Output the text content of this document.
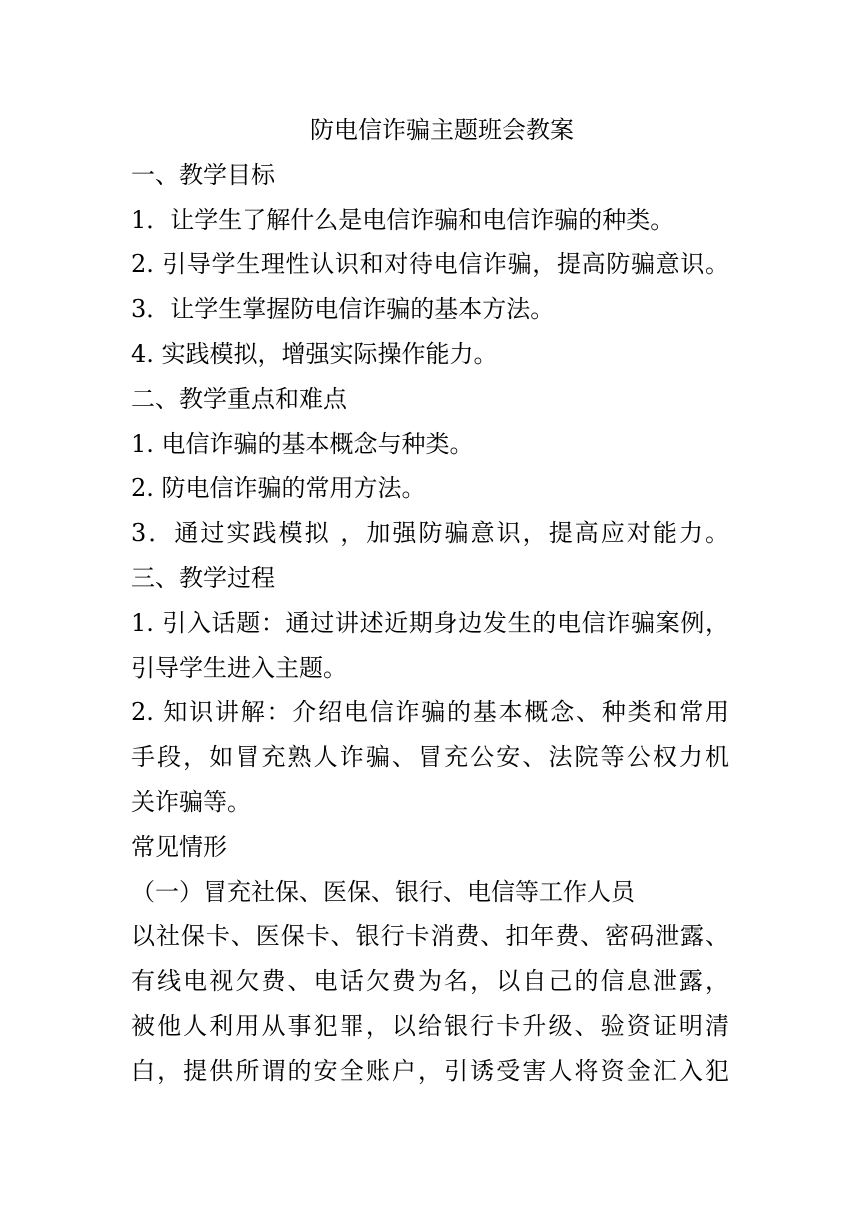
防电信诈骗主题班会教案
一、教学目标
1．让学生了解什么是电信诈骗和电信诈骗的种类。
2. 引导学生理性认识和对待电信诈骗，提高防骗意识。
3．让学生掌握防电信诈骗的基本方法。
4. 实践模拟，增强实际操作能力。
二、教学重点和难点
1. 电信诈骗的基本概念与种类。
2. 防电信诈骗的常用方法。
3．通过实践模拟 ，加强防骗意识，提高应对能力。
三、教学过程
1. 引入话题：通过讲述近期身边发生的电信诈骗案例，
引导学生进入主题。
2. 知识讲解：介绍电信诈骗的基本概念、种类和常用
手段，如冒充熟人诈骗、冒充公安、法院等公权力机
关诈骗等。
常见情形
（一）冒充社保、医保、银行、电信等工作人员
以社保卡、医保卡、银行卡消费、扣年费、密码泄露、
有线电视欠费、电话欠费为名，以自己的信息泄露，
被他人利用从事犯罪，以给银行卡升级、验资证明清
白，提供所谓的安全账户，引诱受害人将资金汇入犯
